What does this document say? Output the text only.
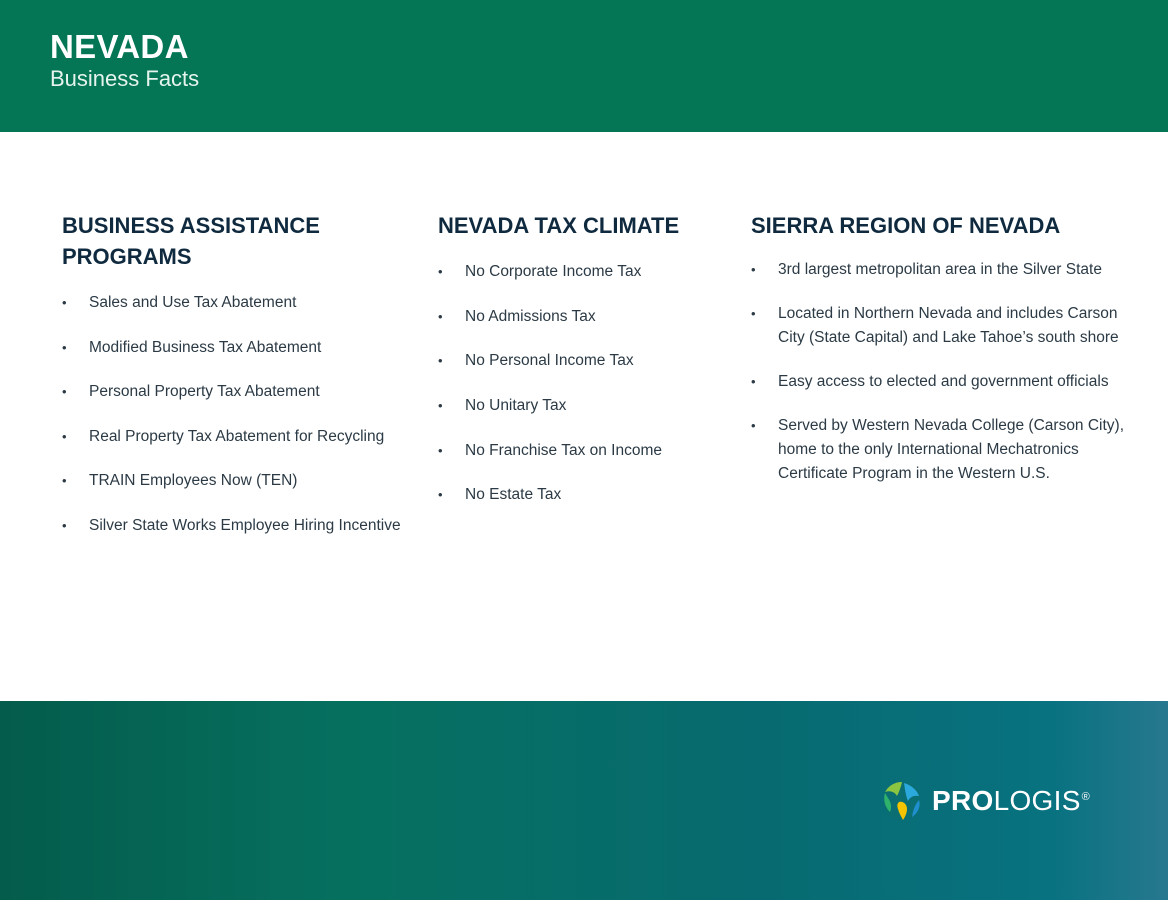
NEVADA
Business Facts
BUSINESS ASSISTANCE PROGRAMS
• Sales and Use Tax Abatement
• Modified Business Tax Abatement
• Personal Property Tax Abatement
• Real Property Tax Abatement for Recycling
• TRAIN Employees Now (TEN)
• Silver State Works Employee Hiring Incentive
NEVADA TAX CLIMATE
• No Corporate Income Tax
• No Admissions Tax
• No Personal Income Tax
• No Unitary Tax
• No Franchise Tax on Income
• No Estate Tax
SIERRA REGION OF NEVADA
• 3rd largest metropolitan area in the Silver State
• Located in Northern Nevada and includes Carson City (State Capital) and Lake Tahoe’s south shore
• Easy access to elected and government officials
• Served by Western Nevada College (Carson City), home to the only International Mechatronics Certificate Program in the Western U.S.
PROLOGIS®
